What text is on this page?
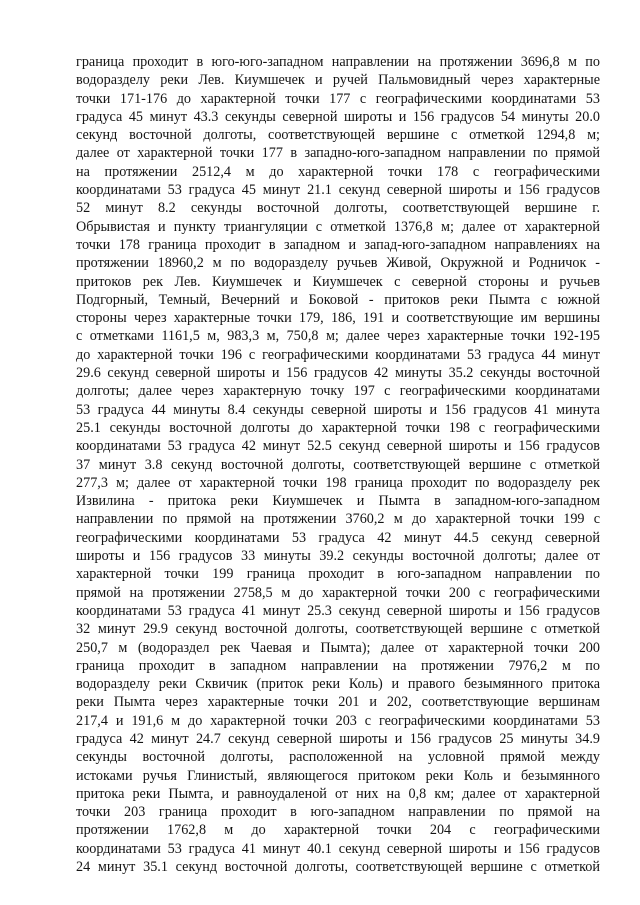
граница проходит в юго-юго-западном направлении на протяжении 3696,8 м по
водоразделу реки Лев. Киумшечек и ручей Пальмовидный через характерные
точки 171-176 до характерной точки 177 с географическими координатами 53
градуса 45 минут 43.3 секунды северной широты и 156 градусов 54 минуты 20.0
секунд восточной долготы, соответствующей вершине с отметкой 1294,8 м;
далее от характерной точки 177 в западно-юго-западном направлении по прямой
на протяжении 2512,4 м до характерной точки 178 с географическими
координатами 53 градуса 45 минут 21.1 секунд северной широты и 156 градусов
52 минут 8.2 секунды восточной долготы, соответствующей вершине г.
Обрывистая и пункту триангуляции с отметкой 1376,8 м; далее от характерной
точки 178 граница проходит в западном и запад-юго-западном направлениях на
протяжении 18960,2 м по водоразделу ручьев Живой, Окружной и Родничок -
притоков рек Лев. Киумшечек и Киумшечек с северной стороны и ручьев
Подгорный, Темный, Вечерний и Боковой - притоков реки Пымта с южной
стороны через характерные точки 179, 186, 191 и соответствующие им вершины
с отметками 1161,5 м, 983,3 м, 750,8 м; далее через характерные точки 192-195
до характерной точки 196 с географическими координатами 53 градуса 44 минут
29.6 секунд северной широты и 156 градусов 42 минуты 35.2 секунды восточной
долготы; далее через характерную точку 197 с географическими координатами
53 градуса 44 минуты 8.4 секунды северной широты и 156 градусов 41 минута
25.1 секунды восточной долготы до характерной точки 198 с географическими
координатами 53 градуса 42 минут 52.5 секунд северной широты и 156 градусов
37 минут 3.8 секунд восточной долготы, соответствующей вершине с отметкой
277,3 м; далее от характерной точки 198 граница проходит по водоразделу рек
Извилина - притока реки Киумшечек и Пымта в западном-юго-западном
направлении по прямой на протяжении 3760,2 м до характерной точки 199 с
географическими координатами 53 градуса 42 минут 44.5 секунд северной
широты и 156 градусов 33 минуты 39.2 секунды восточной долготы; далее от
характерной точки 199 граница проходит в юго-западном направлении по
прямой на протяжении 2758,5 м до характерной точки 200 с географическими
координатами 53 градуса 41 минут 25.3 секунд северной широты и 156 градусов
32 минут 29.9 секунд восточной долготы, соответствующей вершине с отметкой
250,7 м (водораздел рек Чаевая и Пымта); далее от характерной точки 200
граница проходит в западном направлении на протяжении 7976,2 м по
водоразделу реки Сквичик (приток реки Коль) и правого безымянного притока
реки Пымта через характерные точки 201 и 202, соответствующие вершинам
217,4 и 191,6 м до характерной точки 203 с географическими координатами 53
градуса 42 минут 24.7 секунд северной широты и 156 градусов 25 минуты 34.9
секунды восточной долготы, расположенной на условной прямой между
истоками ручья Глинистый, являющегося притоком реки Коль и безымянного
притока реки Пымта, и равноудаленой от них на 0,8 км; далее от характерной
точки 203 граница проходит в юго-западном направлении по прямой на
протяжении 1762,8 м до характерной точки 204 с географическими
координатами 53 градуса 41 минут 40.1 секунд северной широты и 156 градусов
24 минут 35.1 секунд восточной долготы, соответствующей вершине с отметкой
